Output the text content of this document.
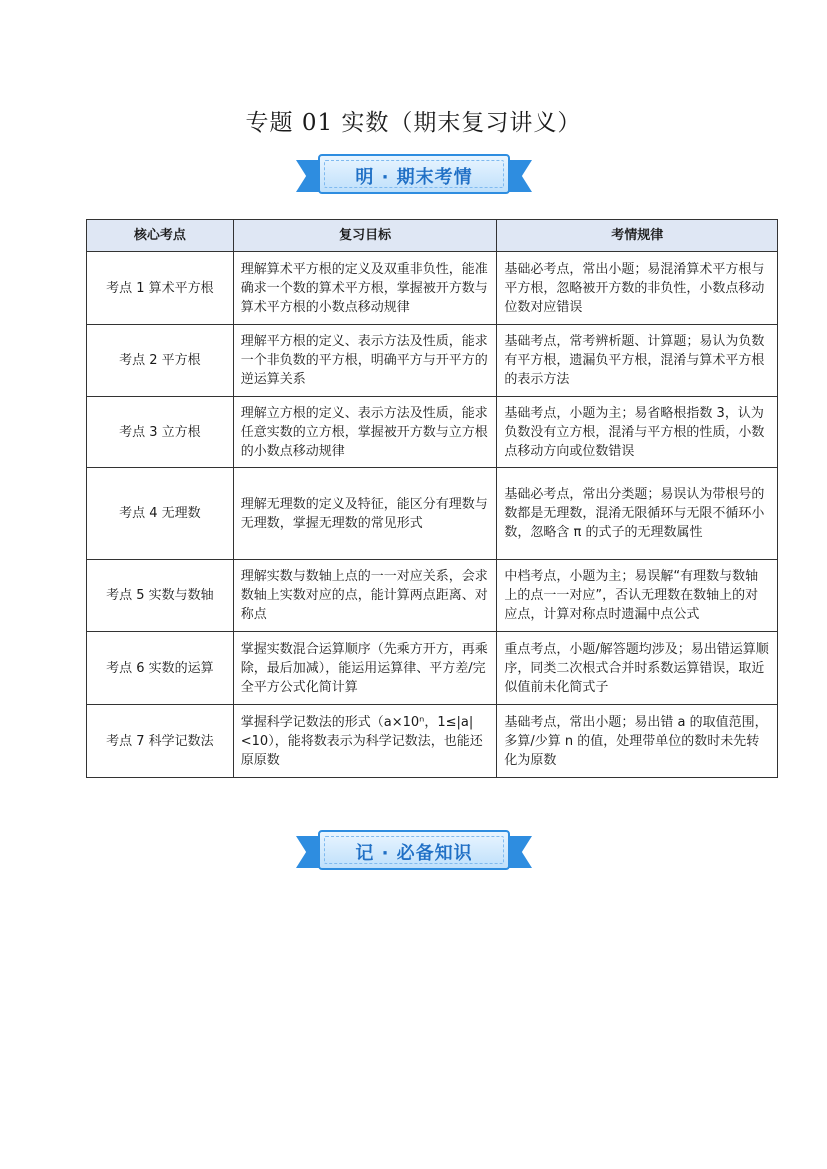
专题 01 实数（期末复习讲义）
明 · 期末考情
核心考点	复习目标	考情规律
考点 1 算术平方根	理解算术平方根的定义及双重非负性，能准确求一个数的算术平方根，掌握被开方数与算术平方根的小数点移动规律	基础必考点，常出小题；易混淆算术平方根与平方根，忽略被开方数的非负性，小数点移动位数对应错误
考点 2 平方根	理解平方根的定义、表示方法及性质，能求一个非负数的平方根，明确平方与开平方的逆运算关系	基础考点，常考辨析题、计算题；易认为负数有平方根，遗漏负平方根，混淆与算术平方根的表示方法
考点 3 立方根	理解立方根的定义、表示方法及性质，能求任意实数的立方根，掌握被开方数与立方根的小数点移动规律	基础考点，小题为主；易省略根指数 3，认为负数没有立方根，混淆与平方根的性质，小数点移动方向或位数错误
考点 4 无理数	理解无理数的定义及特征，能区分有理数与无理数，掌握无理数的常见形式	基础必考点，常出分类题；易误认为带根号的数都是无理数，混淆无限循环与无限不循环小数，忽略含 π 的式子的无理数属性
考点 5 实数与数轴	理解实数与数轴上点的一一对应关系，会求数轴上实数对应的点，能计算两点距离、对称点	中档考点，小题为主；易误解“有理数与数轴上的点一一对应”，否认无理数在数轴上的对应点，计算对称点时遗漏中点公式
考点 6 实数的运算	掌握实数混合运算顺序（先乘方开方，再乘除，最后加减），能运用运算律、平方差/完全平方公式化简计算	重点考点，小题/解答题均涉及；易出错运算顺序，同类二次根式合并时系数运算错误，取近似值前未化简式子
考点 7 科学记数法	掌握科学记数法的形式（a×10ⁿ，1≤|a|<10），能将数表示为科学记数法，也能还原原数	基础考点，常出小题；易出错 a 的取值范围，多算/少算 n 的值，处理带单位的数时未先转化为原数
记 · 必备知识
